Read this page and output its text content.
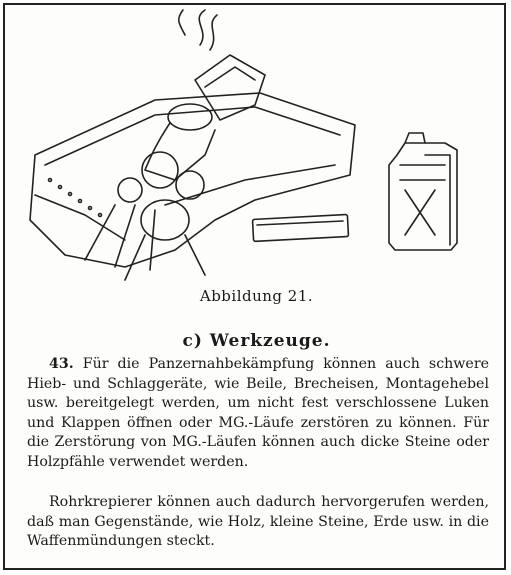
Abbildung 21.
c) Werkzeuge.

43. Für die Panzernahbekämpfung können auch schwere Hieb- und Schlaggeräte, wie Beile, Brecheisen, Montagehebel usw. bereitgelegt werden, um nicht fest verschlossene Luken und Klappen öffnen oder MG.-Läufe zerstören zu können. Für die Zerstörung von MG.-Läufen können auch dicke Steine oder Holzpfähle verwendet werden.

Rohrkrepierer können auch dadurch hervorgerufen werden, daß man Gegenstände, wie Holz, kleine Steine, Erde usw. in die Waffenmündungen steckt.
